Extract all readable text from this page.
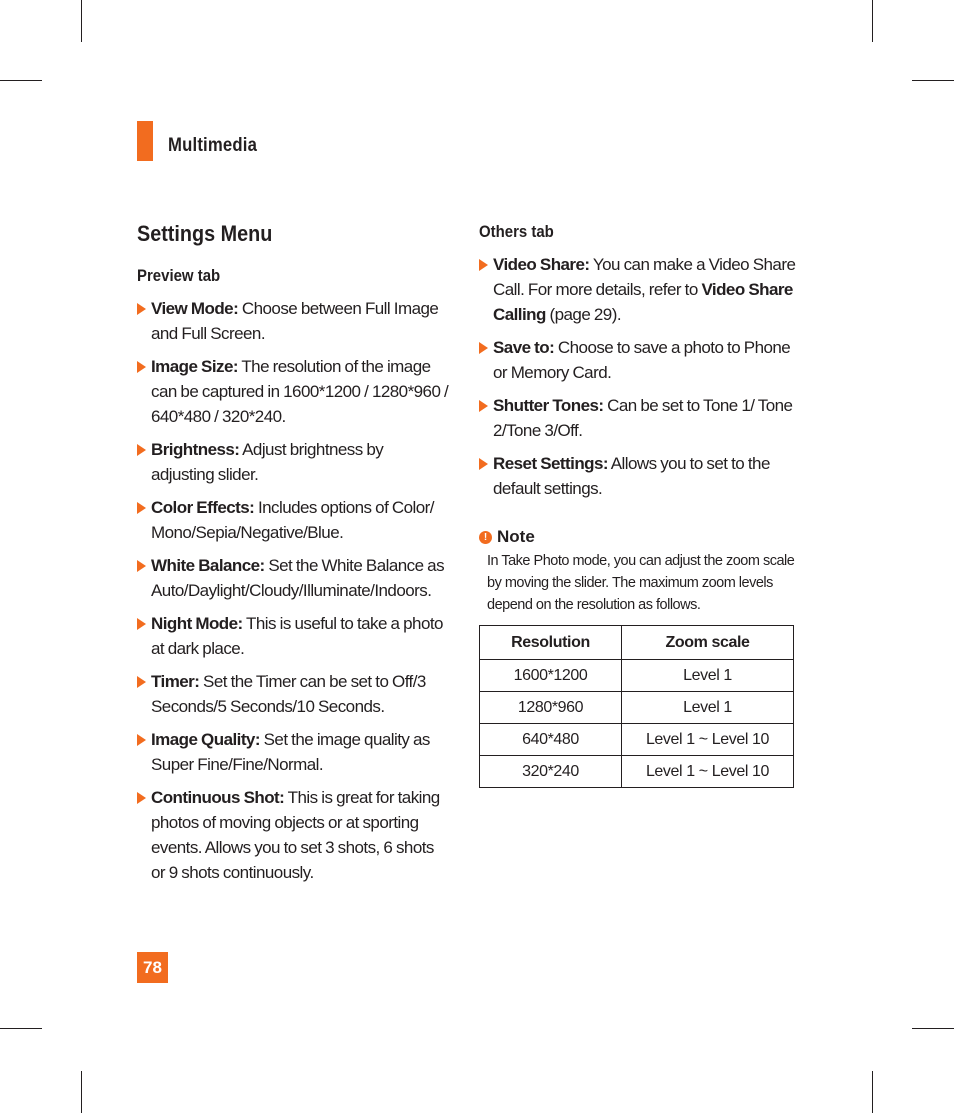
Multimedia
Settings Menu
Preview tab
View Mode: Choose between Full Image and Full Screen.
Image Size: The resolution of the image can be captured in 1600*1200 / 1280*960 / 640*480 / 320*240.
Brightness: Adjust brightness by adjusting slider.
Color Effects: Includes options of Color/ Mono/Sepia/Negative/Blue.
White Balance: Set the White Balance as Auto/Daylight/Cloudy/Illuminate/Indoors.
Night Mode: This is useful to take a photo at dark place.
Timer: Set the Timer can be set to Off/3 Seconds/5 Seconds/10 Seconds.
Image Quality: Set the image quality as Super Fine/Fine/Normal.
Continuous Shot: This is great for taking photos of moving objects or at sporting events. Allows you to set 3 shots, 6 shots or 9 shots continuously.
Others tab
Video Share: You can make a Video Share Call. For more details, refer to Video Share Calling (page 29).
Save to: Choose to save a photo to Phone or Memory Card.
Shutter Tones: Can be set to Tone 1/ Tone 2/Tone 3/Off.
Reset Settings: Allows you to set to the default settings.
! Note
In Take Photo mode, you can adjust the zoom scale by moving the slider. The maximum zoom levels depend on the resolution as follows.
Resolution	Zoom scale
1600*1200	Level 1
1280*960	Level 1
640*480	Level 1 ~ Level 10
320*240	Level 1 ~ Level 10
78
